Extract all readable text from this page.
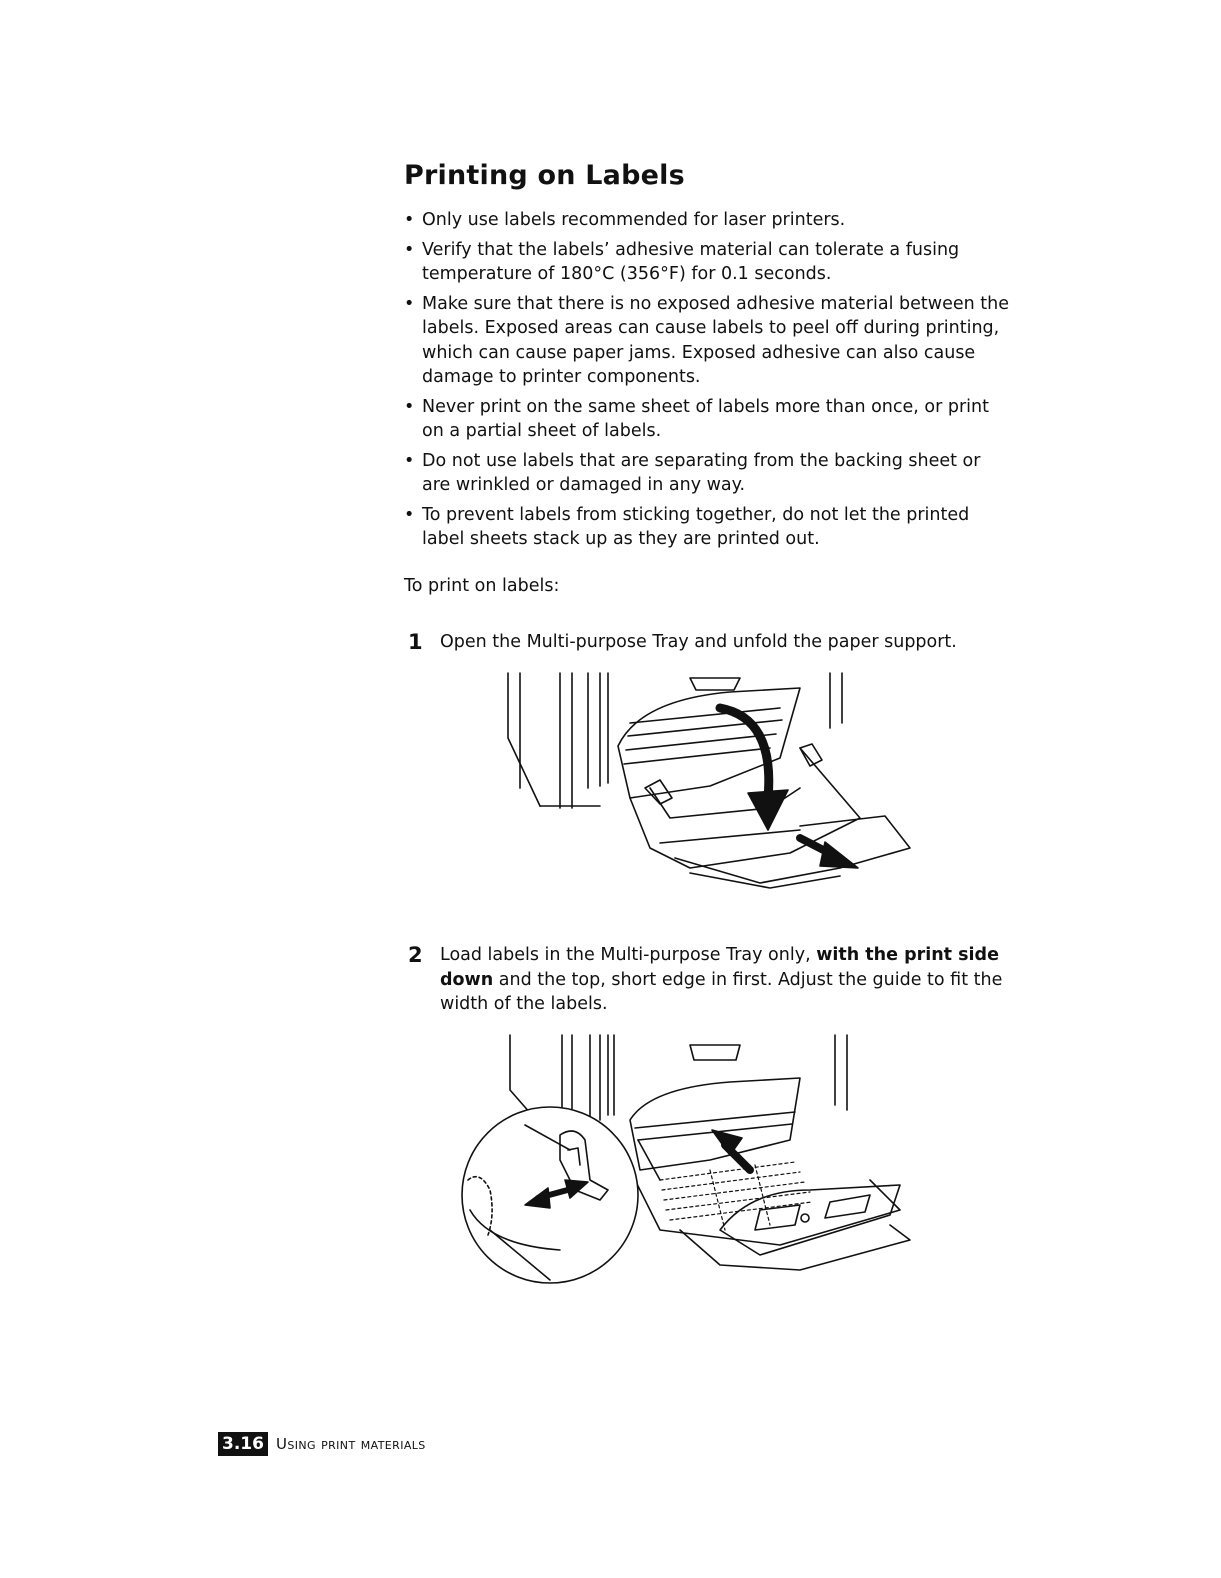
Printing on Labels
• Only use labels recommended for laser printers.
• Verify that the labels’ adhesive material can tolerate a fusing temperature of 180°C (356°F) for 0.1 seconds.
• Make sure that there is no exposed adhesive material between the labels. Exposed areas can cause labels to peel off during printing, which can cause paper jams. Exposed adhesive can also cause damage to printer components.
• Never print on the same sheet of labels more than once, or print on a partial sheet of labels.
• Do not use labels that are separating from the backing sheet or are wrinkled or damaged in any way.
• To prevent labels from sticking together, do not let the printed label sheets stack up as they are printed out.

To print on labels:

1 Open the Multi-purpose Tray and unfold the paper support.
2 Load labels in the Multi-purpose Tray only, with the print side down and the top, short edge in first. Adjust the guide to fit the width of the labels.
3.16 using print materials
